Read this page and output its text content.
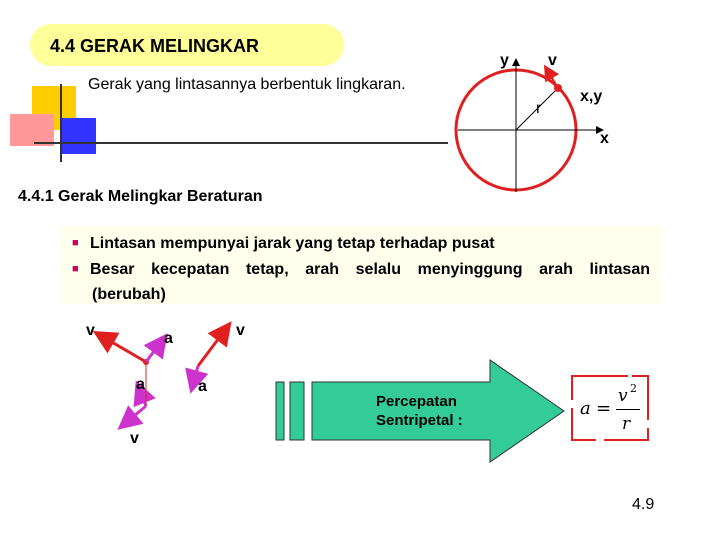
4.4 GERAK MELINGKAR
Gerak yang lintasannya berbentuk lingkaran.
y v
r
x,y
x
4.4.1 Gerak Melingkar Beraturan
■ Lintasan mempunyai jarak yang tetap terhadap pusat
■ Besar kecepatan tetap, arah selalu menyinggung arah lintasan
(berubah)
v	a	v
a	a
v
Percepatan
Sentripetal :
a =
v 2
r
4.9
